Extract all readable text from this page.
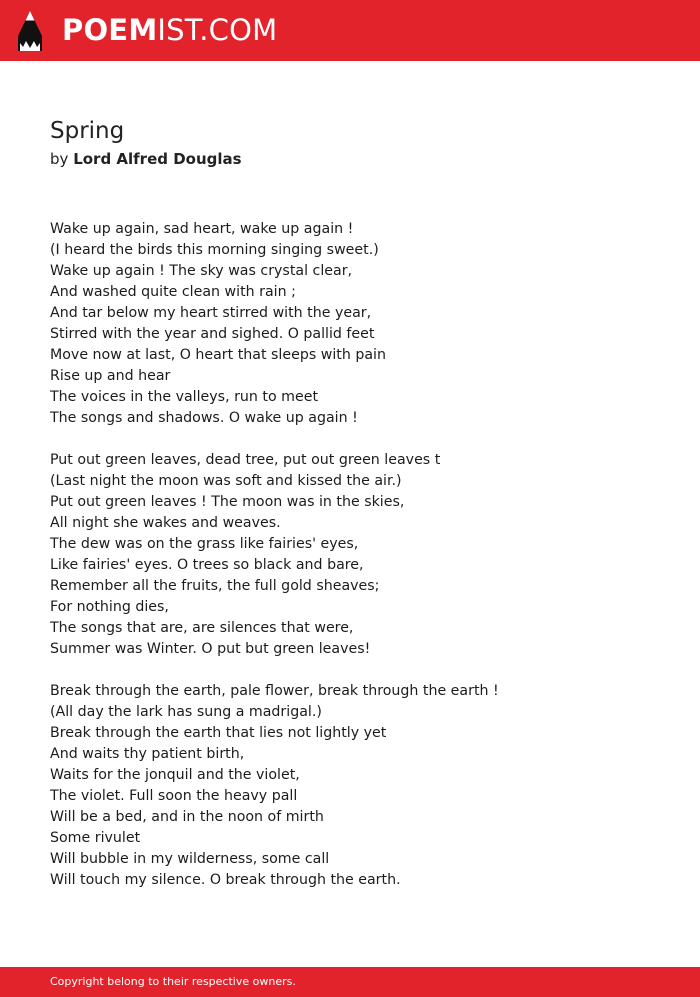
POEMIST.COM
Spring
by Lord Alfred Douglas
Wake up again, sad heart, wake up again !
(I heard the birds this morning singing sweet.)
Wake up again ! The sky was crystal clear,
And washed quite clean with rain ;
And tar below my heart stirred with the year,
Stirred with the year and sighed. O pallid feet
Move now at last, O heart that sleeps with pain
Rise up and hear
The voices in the valleys, run to meet
The songs and shadows. O wake up again !
Put out green leaves, dead tree, put out green leaves t
(Last night the moon was soft and kissed the air.)
Put out green leaves ! The moon was in the skies,
All night she wakes and weaves.
The dew was on the grass like fairies' eyes,
Like fairies' eyes. O trees so black and bare,
Remember all the fruits, the full gold sheaves;
For nothing dies,
The songs that are, are silences that were,
Summer was Winter. O put but green leaves!
Break through the earth, pale flower, break through the earth !
(All day the lark has sung a madrigal.)
Break through the earth that lies not lightly yet
And waits thy patient birth,
Waits for the jonquil and the violet,
The violet. Full soon the heavy pall
Will be a bed, and in the noon of mirth
Some rivulet
Will bubble in my wilderness, some call
Will touch my silence. O break through the earth.
Copyright belong to their respective owners.
